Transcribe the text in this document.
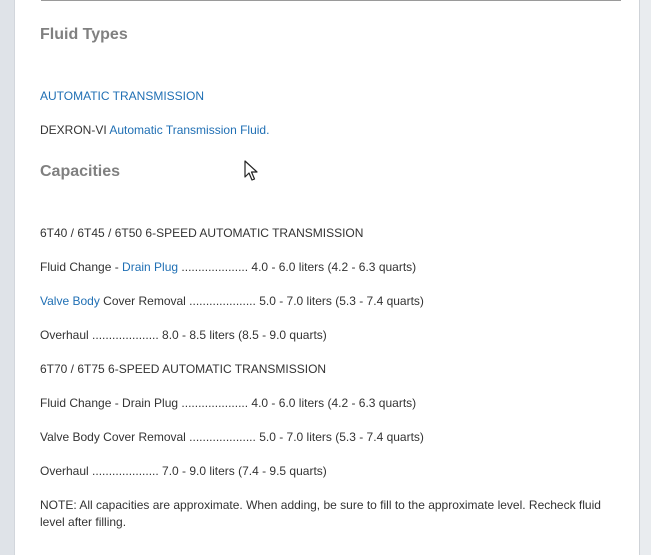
Fluid Types
AUTOMATIC TRANSMISSION
DEXRON-VI Automatic Transmission Fluid.
Capacities
6T40 / 6T45 / 6T50 6-SPEED AUTOMATIC TRANSMISSION
Fluid Change - Drain Plug .................... 4.0 - 6.0 liters (4.2 - 6.3 quarts)
Valve Body Cover Removal .................... 5.0 - 7.0 liters (5.3 - 7.4 quarts)
Overhaul .................... 8.0 - 8.5 liters (8.5 - 9.0 quarts)
6T70 / 6T75 6-SPEED AUTOMATIC TRANSMISSION
Fluid Change - Drain Plug .................... 4.0 - 6.0 liters (4.2 - 6.3 quarts)
Valve Body Cover Removal .................... 5.0 - 7.0 liters (5.3 - 7.4 quarts)
Overhaul .................... 7.0 - 9.0 liters (7.4 - 9.5 quarts)
NOTE: All capacities are approximate. When adding, be sure to fill to the approximate level. Recheck fluid level after filling.
